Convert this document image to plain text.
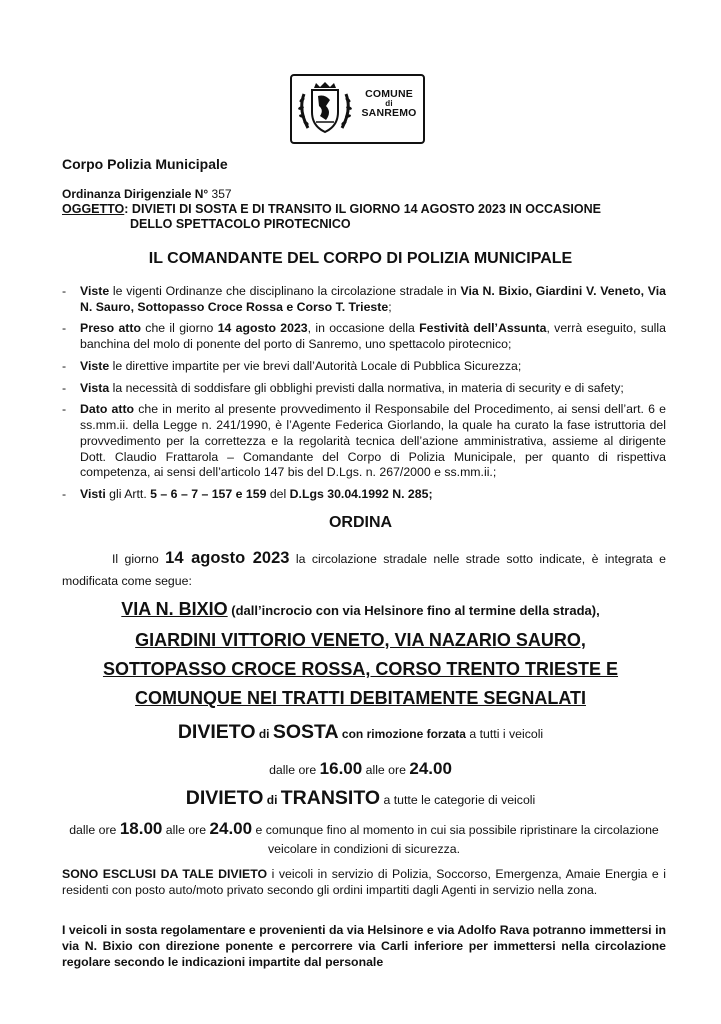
COMUNE
di
SANREMO
Corpo Polizia Municipale
Ordinanza Dirigenziale N° 357
OGGETTO: DIVIETI DI SOSTA E DI TRANSITO IL GIORNO 14 AGOSTO 2023 IN OCCASIONE
DELLO SPETTACOLO PIROTECNICO
IL COMANDANTE DEL CORPO DI POLIZIA MUNICIPALE
- Viste le vigenti Ordinanze che disciplinano la circolazione stradale in Via N. Bixio, Giardini V. Veneto, Via N. Sauro, Sottopasso Croce Rossa e Corso T. Trieste;
- Preso atto che il giorno 14 agosto 2023, in occasione della Festività dell’Assunta, verrà eseguito, sulla banchina del molo di ponente del porto di Sanremo, uno spettacolo pirotecnico;
- Viste le direttive impartite per vie brevi dall’Autorità Locale di Pubblica Sicurezza;
- Vista la necessità di soddisfare gli obblighi previsti dalla normativa, in materia di security e di safety;
- Dato atto che in merito al presente provvedimento il Responsabile del Procedimento, ai sensi dell’art. 6 e ss.mm.ii. della Legge n. 241/1990, è l’Agente Federica Giorlando, la quale ha curato la fase istruttoria del provvedimento per la correttezza e la regolarità tecnica dell’azione amministrativa, assieme al dirigente Dott. Claudio Frattarola – Comandante del Corpo di Polizia Municipale, per quanto di rispettiva competenza, ai sensi dell’articolo 147 bis del D.Lgs. n. 267/2000 e ss.mm.ii.;
- Visti gli Artt. 5 – 6 – 7 – 157 e 159 del D.Lgs 30.04.1992 N. 285;
ORDINA
Il giorno 14 agosto 2023 la circolazione stradale nelle strade sotto indicate, è integrata e modificata come segue:
VIA N. BIXIO (dall’incrocio con via Helsinore fino al termine della strada),
GIARDINI VITTORIO VENETO, VIA NAZARIO SAURO,
SOTTOPASSO CROCE ROSSA, CORSO TRENTO TRIESTE E
COMUNQUE NEI TRATTI DEBITAMENTE SEGNALATI
DIVIETO di SOSTA con rimozione forzata a tutti i veicoli
dalle ore 16.00 alle ore 24.00
DIVIETO di TRANSITO a tutte le categorie di veicoli
dalle ore 18.00 alle ore 24.00 e comunque fino al momento in cui sia possibile ripristinare la circolazione veicolare in condizioni di sicurezza.
SONO ESCLUSI DA TALE DIVIETO i veicoli in servizio di Polizia, Soccorso, Emergenza, Amaie Energia e i residenti con posto auto/moto privato secondo gli ordini impartiti dagli Agenti in servizio nella zona.
I veicoli in sosta regolamentare e provenienti da via Helsinore e via Adolfo Rava potranno immettersi in via N. Bixio con direzione ponente e percorrere via Carli inferiore per immettersi nella circolazione regolare secondo le indicazioni impartite dal personale
